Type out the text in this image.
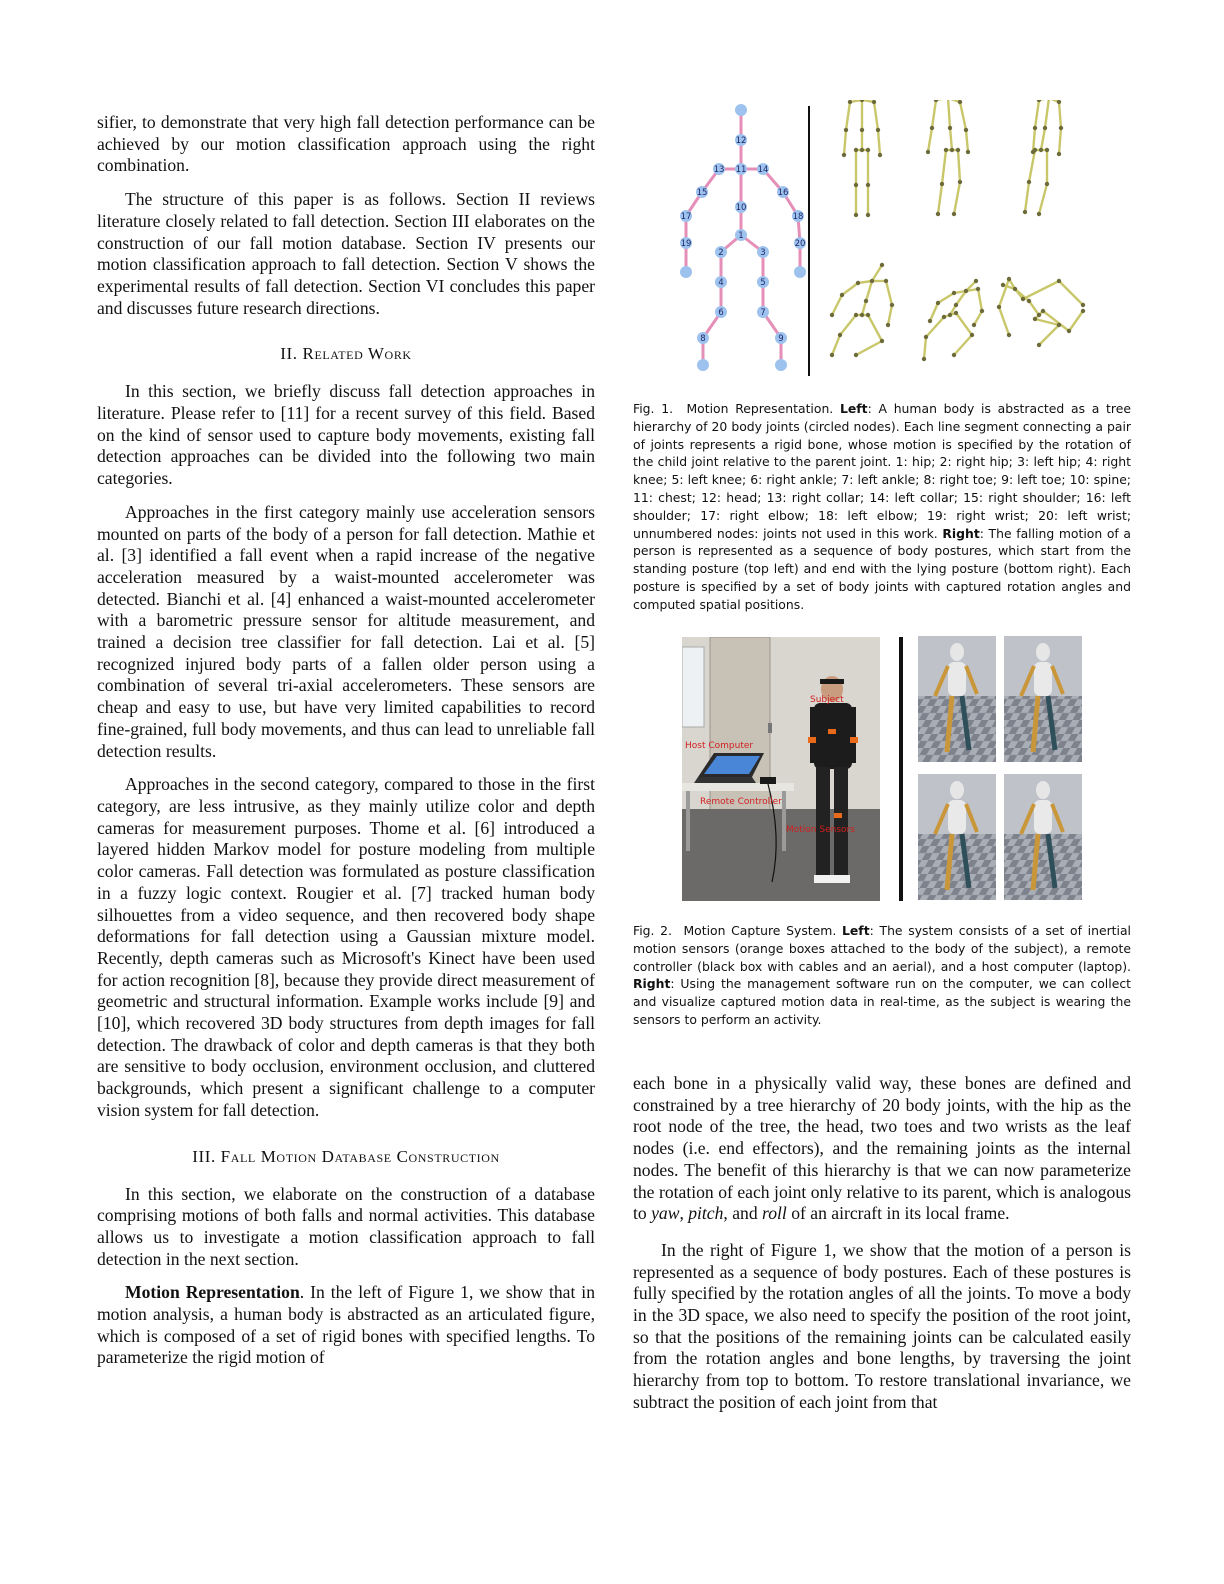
sifier, to demonstrate that very high fall detection performance can be achieved by our motion classification approach using the right combination.

The structure of this paper is as follows. Section II reviews literature closely related to fall detection. Section III elaborates on the construction of our fall motion database. Section IV presents our motion classification approach to fall detection. Section V shows the experimental results of fall detection. Section VI concludes this paper and discusses future research directions.

II. Related Work

In this section, we briefly discuss fall detection approaches in literature. Please refer to [11] for a recent survey of this field. Based on the kind of sensor used to capture body movements, existing fall detection approaches can be divided into the following two main categories.

Approaches in the first category mainly use acceleration sensors mounted on parts of the body of a person for fall detection. Mathie et al. [3] identified a fall event when a rapid increase of the negative acceleration measured by a waist-mounted accelerometer was detected. Bianchi et al. [4] enhanced a waist-mounted accelerometer with a barometric pressure sensor for altitude measurement, and trained a decision tree classifier for fall detection. Lai et al. [5] recognized injured body parts of a fallen older person using a combination of several tri-axial accelerometers. These sensors are cheap and easy to use, but have very limited capabilities to record fine-grained, full body movements, and thus can lead to unreliable fall detection results.

Approaches in the second category, compared to those in the first category, are less intrusive, as they mainly utilize color and depth cameras for measurement purposes. Thome et al. [6] introduced a layered hidden Markov model for posture modeling from multiple color cameras. Fall detection was formulated as posture classification in a fuzzy logic context. Rougier et al. [7] tracked human body silhouettes from a video sequence, and then recovered body shape deformations for fall detection using a Gaussian mixture model. Recently, depth cameras such as Microsoft's Kinect have been used for action recognition [8], because they provide direct measurement of geometric and structural information. Example works include [9] and [10], which recovered 3D body structures from depth images for fall detection. The drawback of color and depth cameras is that they both are sensitive to body occlusion, environment occlusion, and cluttered backgrounds, which present a significant challenge to a computer vision system for fall detection.

III. Fall Motion Database Construction

In this section, we elaborate on the construction of a database comprising motions of both falls and normal activities. This database allows us to investigate a motion classification approach to fall detection in the next section.

Motion Representation. In the left of Figure 1, we show that in motion analysis, a human body is abstracted as an articulated figure, which is composed of a set of rigid bones with specified lengths. To parameterize the rigid motion of

1
2	3
4	5
6	7
8	9
10
11
12
13	14
15	16
17	18
19	20

Fig. 1. Motion Representation. Left: A human body is abstracted as a tree hierarchy of 20 body joints (circled nodes). Each line segment connecting a pair of joints represents a rigid bone, whose motion is specified by the rotation of the child joint relative to the parent joint. 1: hip; 2: right hip; 3: left hip; 4: right knee; 5: left knee; 6: right ankle; 7: left ankle; 8: right toe; 9: left toe; 10: spine; 11: chest; 12: head; 13: right collar; 14: left collar; 15: right shoulder; 16: left shoulder; 17: right elbow; 18: left elbow; 19: right wrist; 20: left wrist; unnumbered nodes: joints not used in this work. Right: The falling motion of a person is represented as a sequence of body postures, which start from the standing posture (top left) and end with the lying posture (bottom right). Each posture is specified by a set of body joints with captured rotation angles and computed spatial positions.

Subject
Host Computer
Remote Controller
Motion Sensors

Fig. 2. Motion Capture System. Left: The system consists of a set of inertial motion sensors (orange boxes attached to the body of the subject), a remote controller (black box with cables and an aerial), and a host computer (laptop). Right: Using the management software run on the computer, we can collect and visualize captured motion data in real-time, as the subject is wearing the sensors to perform an activity.

each bone in a physically valid way, these bones are defined and constrained by a tree hierarchy of 20 body joints, with the hip as the root node of the tree, the head, two toes and two wrists as the leaf nodes (i.e. end effectors), and the remaining joints as the internal nodes. The benefit of this hierarchy is that we can now parameterize the rotation of each joint only relative to its parent, which is analogous to yaw, pitch, and roll of an aircraft in its local frame.

In the right of Figure 1, we show that the motion of a person is represented as a sequence of body postures. Each of these postures is fully specified by the rotation angles of all the joints. To move a body in the 3D space, we also need to specify the position of the root joint, so that the positions of the remaining joints can be calculated easily from the rotation angles and bone lengths, by traversing the joint hierarchy from top to bottom. To restore translational invariance, we subtract the position of each joint from that
